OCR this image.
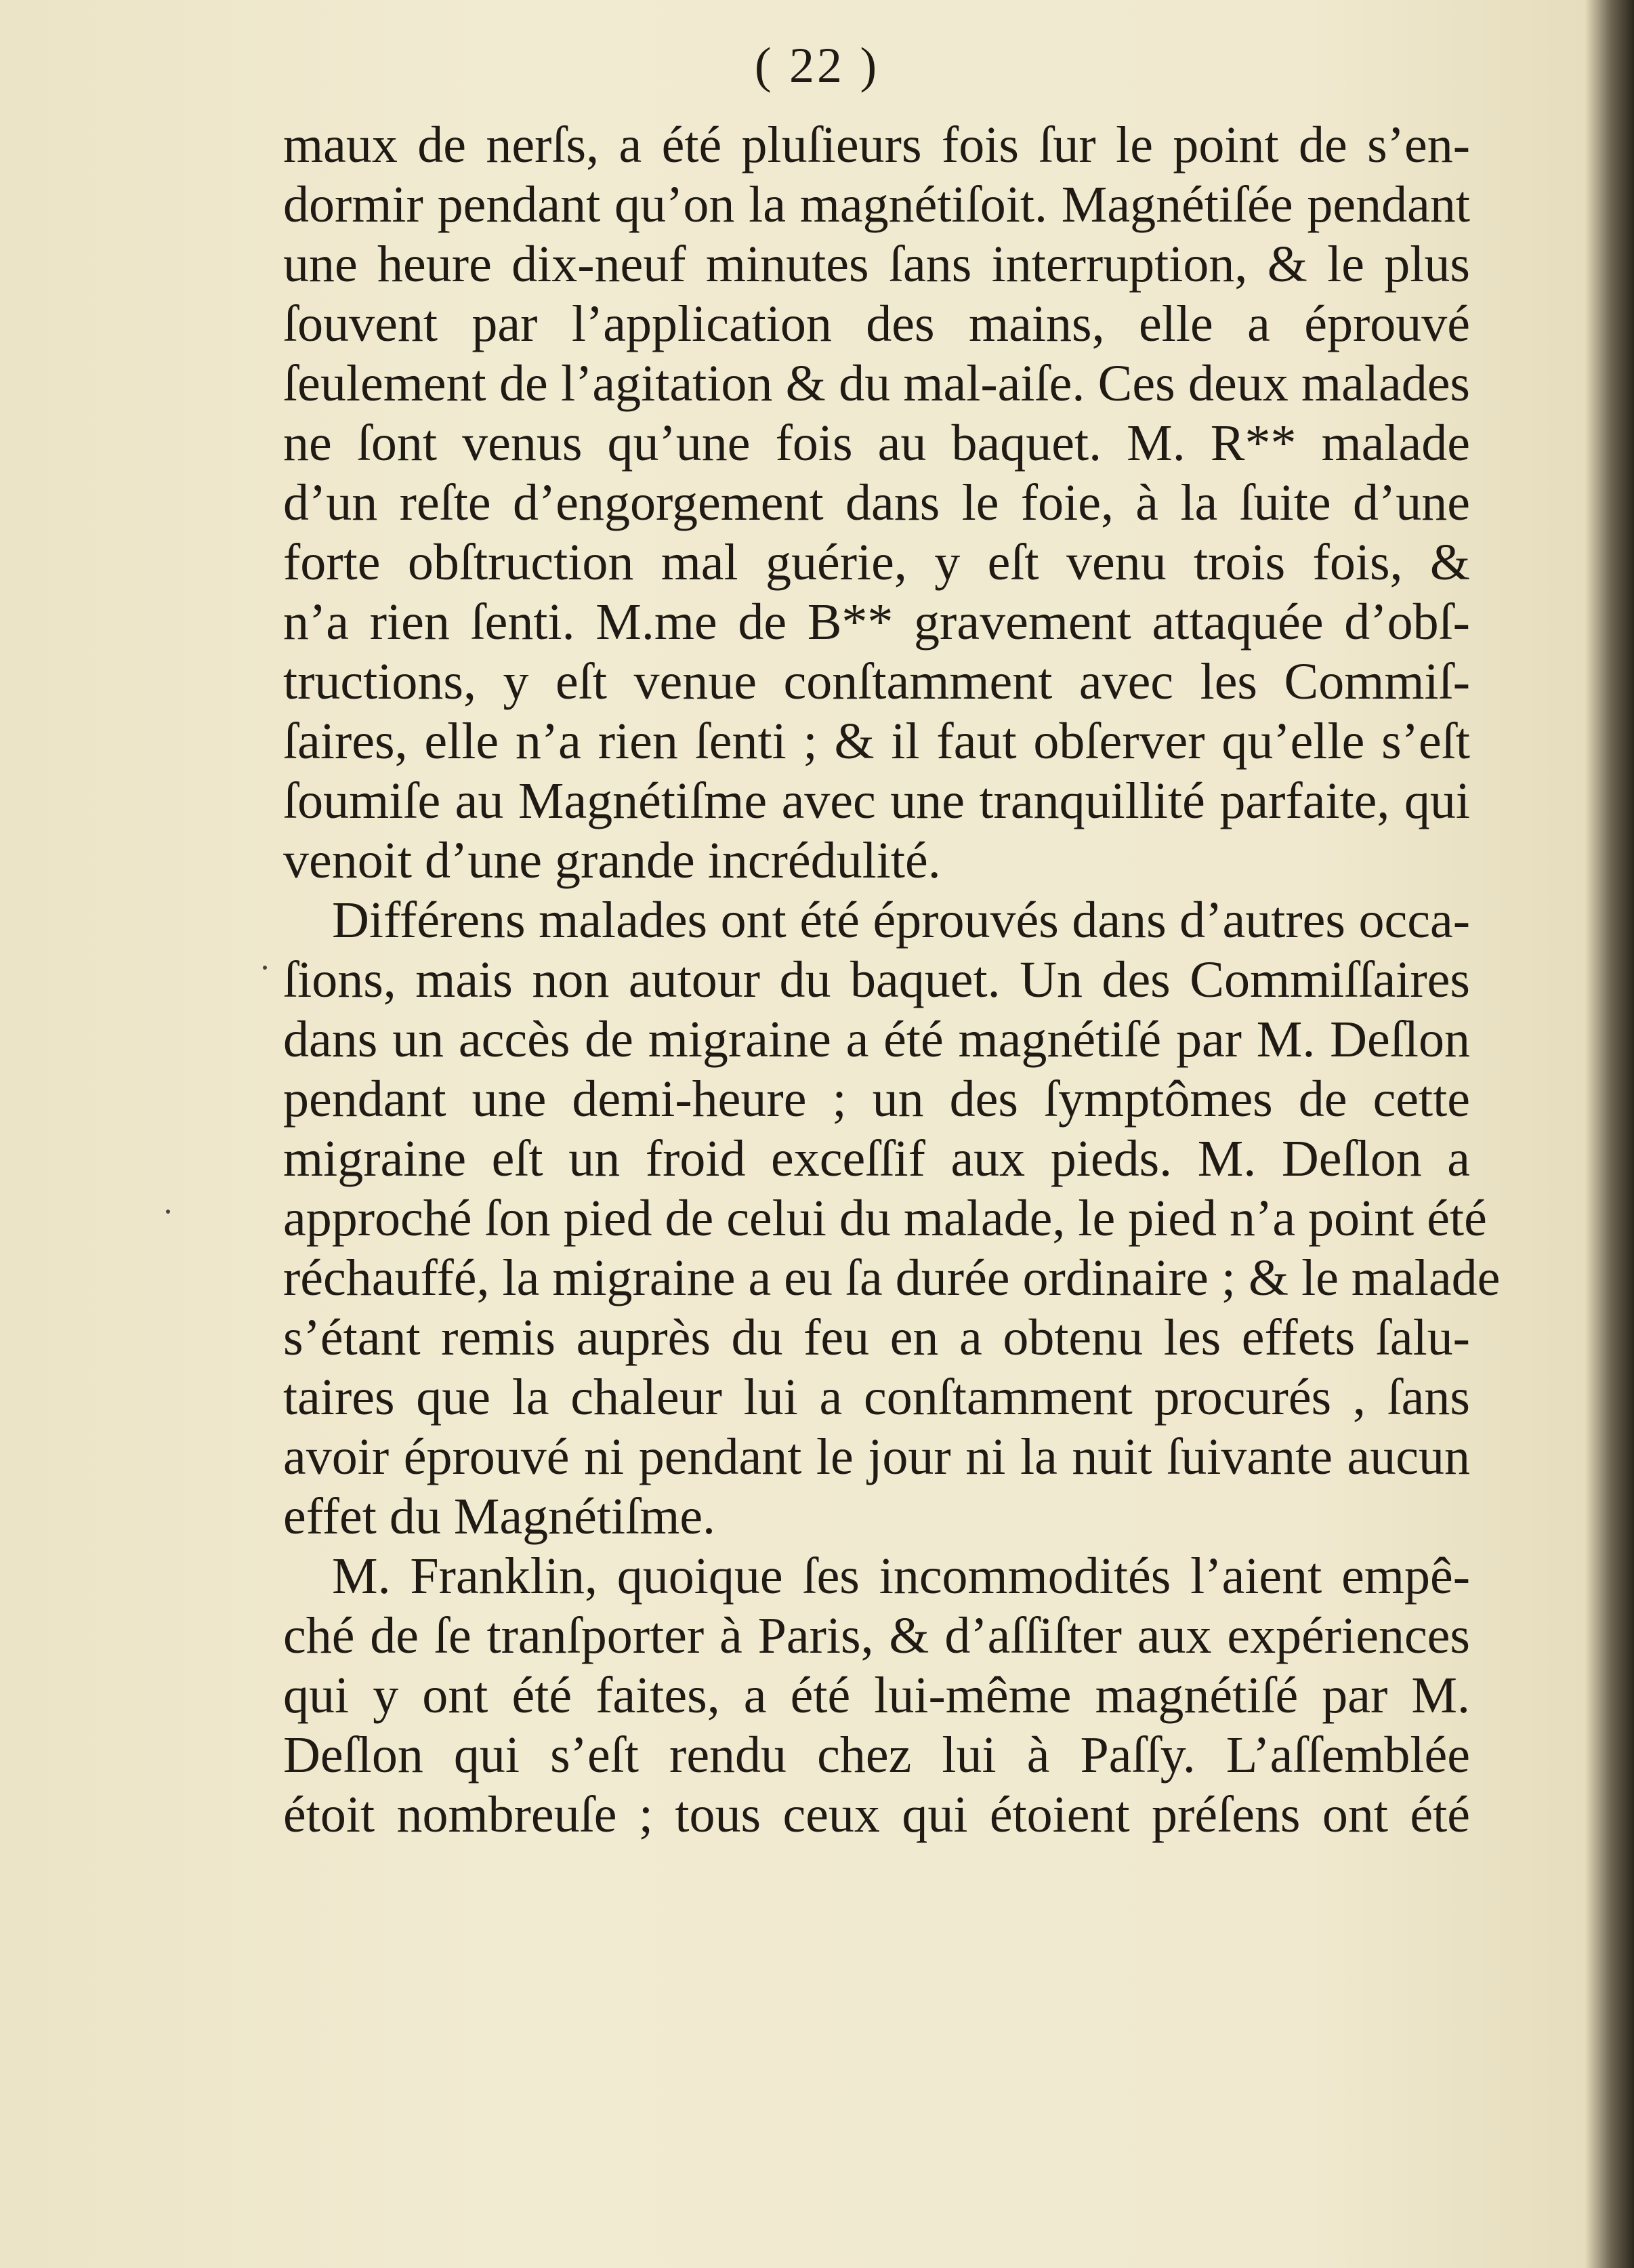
( 22 )
maux de nerſs, a été pluſieurs fois ſur le point de s’en-
dormir pendant qu’on la magnétiſoit. Magnétiſée pendant
une heure dix-neuf minutes ſans interruption, & le plus
ſouvent par l’application des mains, elle a éprouvé
ſeulement de l’agitation & du mal-aiſe. Ces deux malades
ne ſont venus qu’une fois au baquet. M. R** malade
d’un reſte d’engorgement dans le foie, à la ſuite d’une
forte obſtruction mal guérie, y eſt venu trois fois, &
n’a rien ſenti. M.me de B** gravement attaquée d’obſ-
tructions, y eſt venue conſtamment avec les Commiſ-
ſaires, elle n’a rien ſenti ; & il faut obſerver qu’elle s’eſt
ſoumiſe au Magnétiſme avec une tranquillité parfaite, qui
venoit d’une grande incrédulité.
Différens malades ont été éprouvés dans d’autres occa-
ſions, mais non autour du baquet. Un des Commiſſaires
dans un accès de migraine a été magnétiſé par M. Deſlon
pendant une demi-heure ; un des ſymptômes de cette
migraine eſt un froid exceſſif aux pieds. M. Deſlon a
approché ſon pied de celui du malade, le pied n’a point été
réchauffé, la migraine a eu ſa durée ordinaire ; & le malade
s’étant remis auprès du feu en a obtenu les effets ſalu-
taires que la chaleur lui a conſtamment procurés , ſans
avoir éprouvé ni pendant le jour ni la nuit ſuivante aucun
effet du Magnétiſme.
M. Franklin, quoique ſes incommodités l’aient empê-
ché de ſe tranſporter à Paris, & d’aſſiſter aux expériences
qui y ont été faites, a été lui-même magnétiſé par M.
Deſlon qui s’eſt rendu chez lui à Paſſy. L’aſſemblée
étoit nombreuſe ; tous ceux qui étoient préſens ont été
